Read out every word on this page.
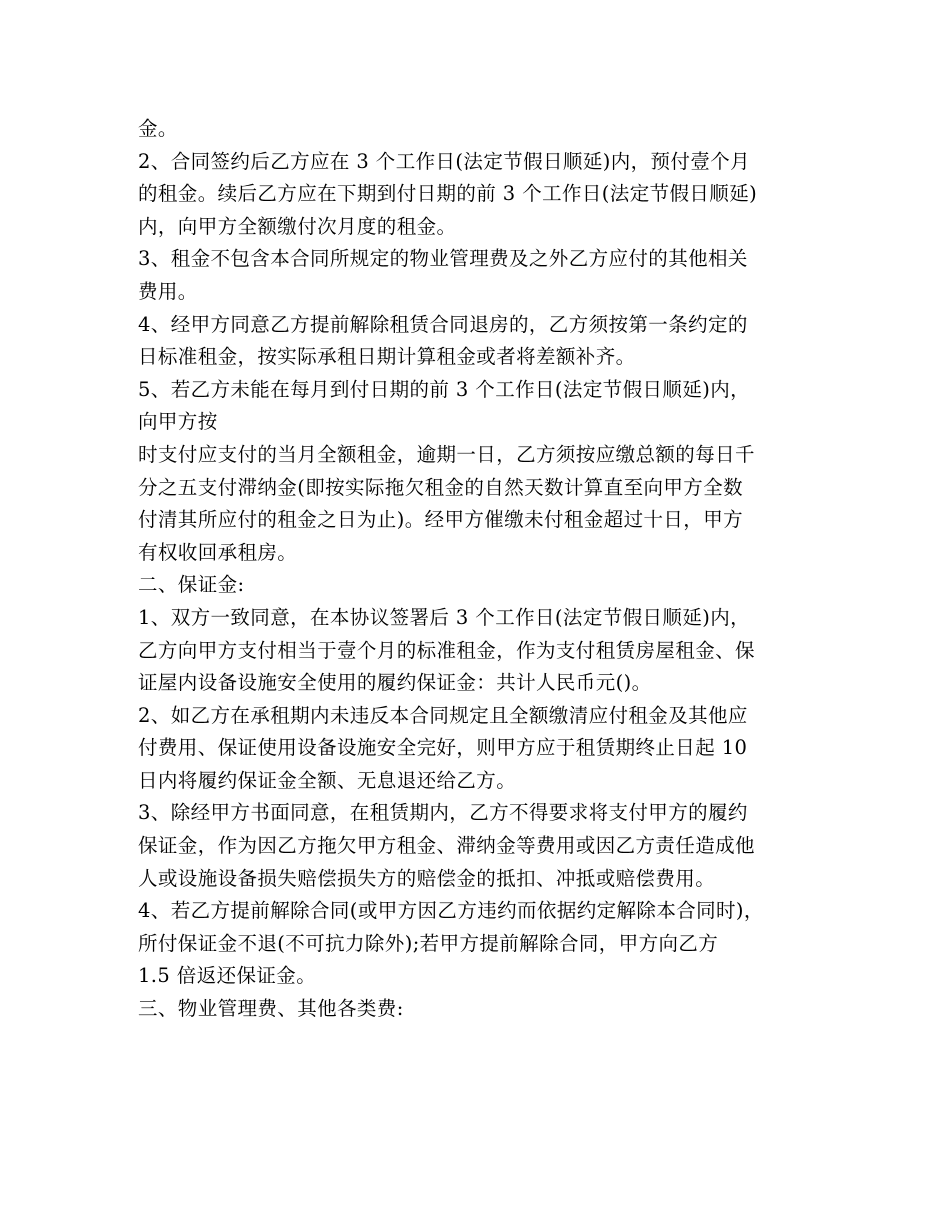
金。
2、合同签约后乙方应在 3 个工作日(法定节假日顺延)内，预付壹个月
的租金。续后乙方应在下期到付日期的前 3 个工作日(法定节假日顺延)
内，向甲方全额缴付次月度的租金。
3、租金不包含本合同所规定的物业管理费及之外乙方应付的其他相关
费用。
4、经甲方同意乙方提前解除租赁合同退房的，乙方须按第一条约定的
日标准租金，按实际承租日期计算租金或者将差额补齐。
5、若乙方未能在每月到付日期的前 3 个工作日(法定节假日顺延)内，
向甲方按
时支付应支付的当月全额租金，逾期一日，乙方须按应缴总额的每日千
分之五支付滞纳金(即按实际拖欠租金的自然天数计算直至向甲方全数
付清其所应付的租金之日为止)。经甲方催缴未付租金超过十日，甲方
有权收回承租房。
二、保证金:
1、双方一致同意，在本协议签署后 3 个工作日(法定节假日顺延)内，
乙方向甲方支付相当于壹个月的标准租金，作为支付租赁房屋租金、保
证屋内设备设施安全使用的履约保证金：共计人民币元()。
2、如乙方在承租期内未违反本合同规定且全额缴清应付租金及其他应
付费用、保证使用设备设施安全完好，则甲方应于租赁期终止日起 10
日内将履约保证金全额、无息退还给乙方。
3、除经甲方书面同意，在租赁期内，乙方不得要求将支付甲方的履约
保证金，作为因乙方拖欠甲方租金、滞纳金等费用或因乙方责任造成他
人或设施设备损失赔偿损失方的赔偿金的抵扣、冲抵或赔偿费用。
4、若乙方提前解除合同(或甲方因乙方违约而依据约定解除本合同时)，
所付保证金不退(不可抗力除外);若甲方提前解除合同，甲方向乙方
1.5 倍返还保证金。
三、物业管理费、其他各类费:
